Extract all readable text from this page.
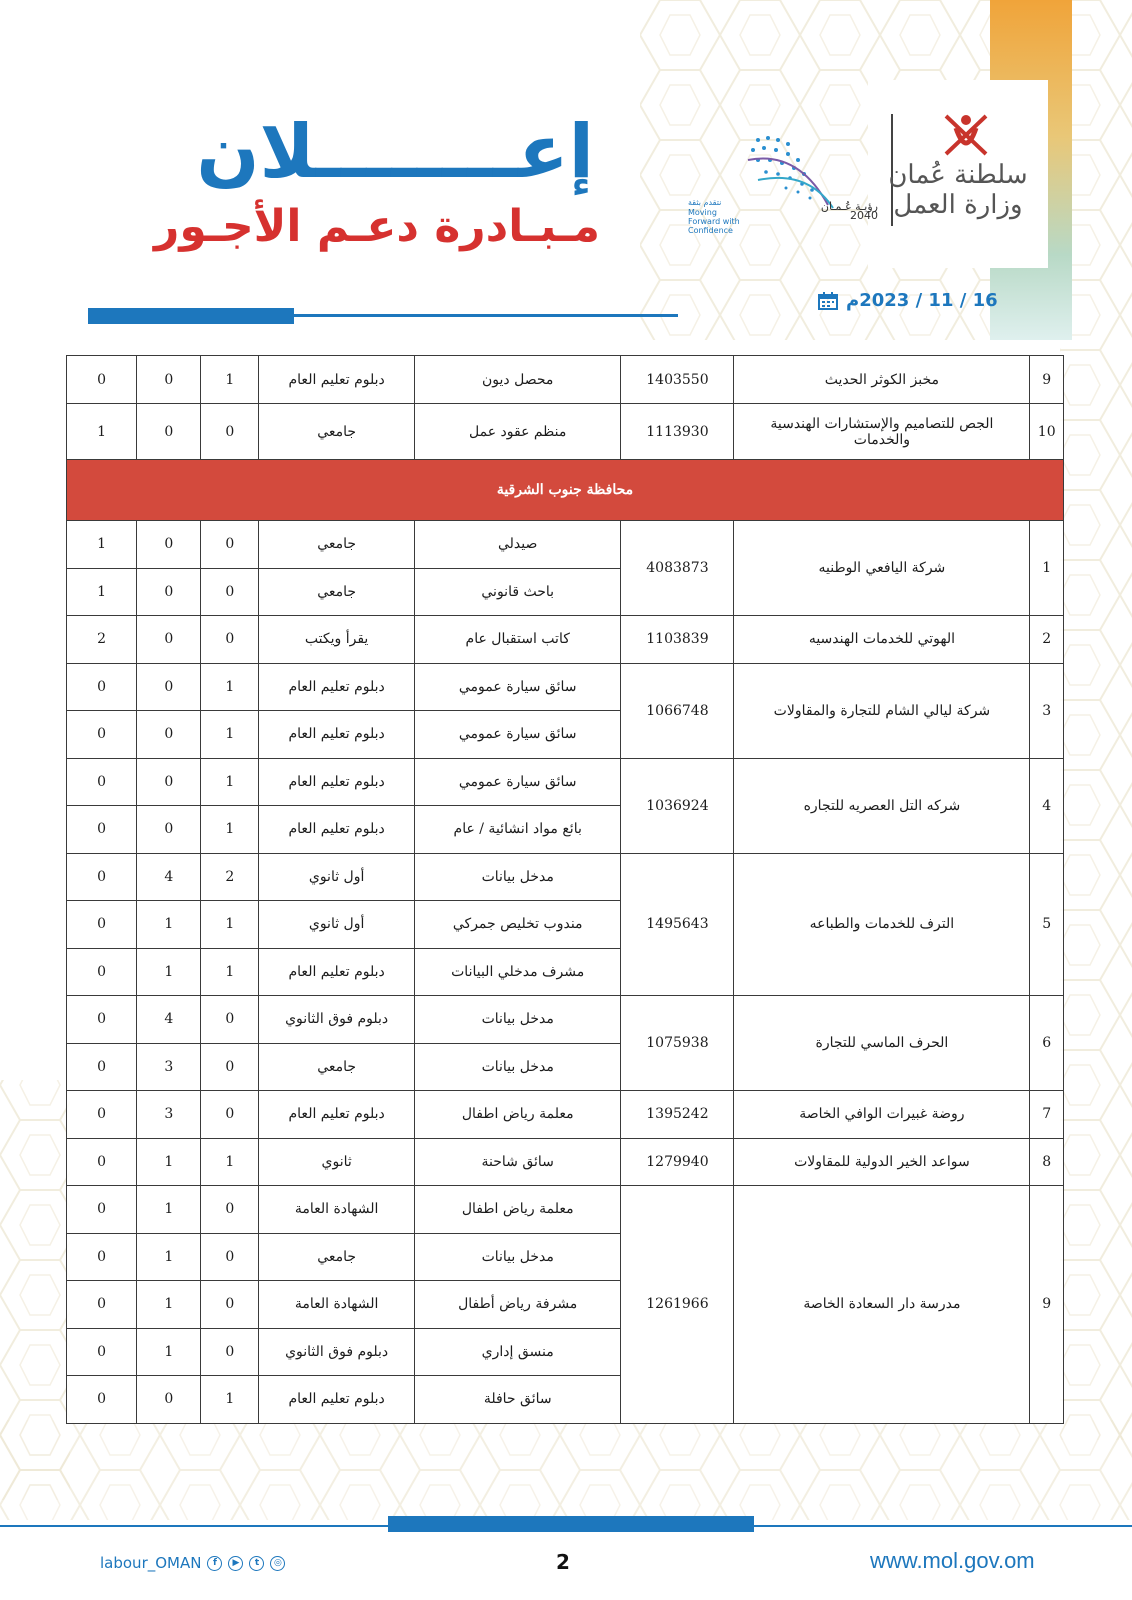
إعــــــــلان
مـبـادرة دعـم الأجـور
16 / 11 / 2023م
رؤيـة عُـمـان 2040
نتقدم بثقة
Moving Forward with Confidence
سلطنة عُمان
وزارة العمل
9	مخبز الكوثر الحديث	1403550	محصل ديون	دبلوم تعليم العام	1	0	0
10	الجص للتصاميم والإستشارات الهندسية والخدمات	1113930	منظم عقود عمل	جامعي	0	0	1
محافظة جنوب الشرقية							
1	شركة اليافعي الوطنيه	4083873	صيدلي	جامعي	0	0	1
			باحث قانوني	جامعي	0	0	1
2	الهوتي للخدمات الهندسيه	1103839	كاتب استقبال عام	يقرأ ويكتب	0	0	2
3	شركة ليالي الشام للتجارة والمقاولات	1066748	سائق سيارة عمومي	دبلوم تعليم العام	1	0	0
			سائق سيارة عمومي	دبلوم تعليم العام	1	0	0
4	شركه التل العصريه للتجاره	1036924	سائق سيارة عمومي	دبلوم تعليم العام	1	0	0
			بائع مواد انشائية / عام	دبلوم تعليم العام	1	0	0
5	الترف للخدمات والطباعه	1495643	مدخل بيانات	أول ثانوي	2	4	0
			مندوب تخليص جمركي	أول ثانوي	1	1	0
			مشرف مدخلي البيانات	دبلوم تعليم العام	1	1	0
6	الحرف الماسي للتجارة	1075938	مدخل بيانات	دبلوم فوق الثانوي	0	4	0
			مدخل بيانات	جامعي	0	3	0
7	روضة غبيرات الوافي الخاصة	1395242	معلمة رياض اطفال	دبلوم تعليم العام	0	3	0
8	سواعد الخير الدولية للمقاولات	1279940	سائق شاحنة	ثانوي	1	1	0
9	مدرسة دار السعادة الخاصة	1261966	معلمة رياض اطفال	الشهادة العامة	0	1	0
			مدخل بيانات	جامعي	0	1	0
			مشرفة رياض أطفال	الشهادة العامة	0	1	0
			منسق إداري	دبلوم فوق الثانوي	0	1	0
			سائق حافلة	دبلوم تعليم العام	1	0	0
labour_OMAN	f	▶	t	◎	2	www.mol.gov.om
